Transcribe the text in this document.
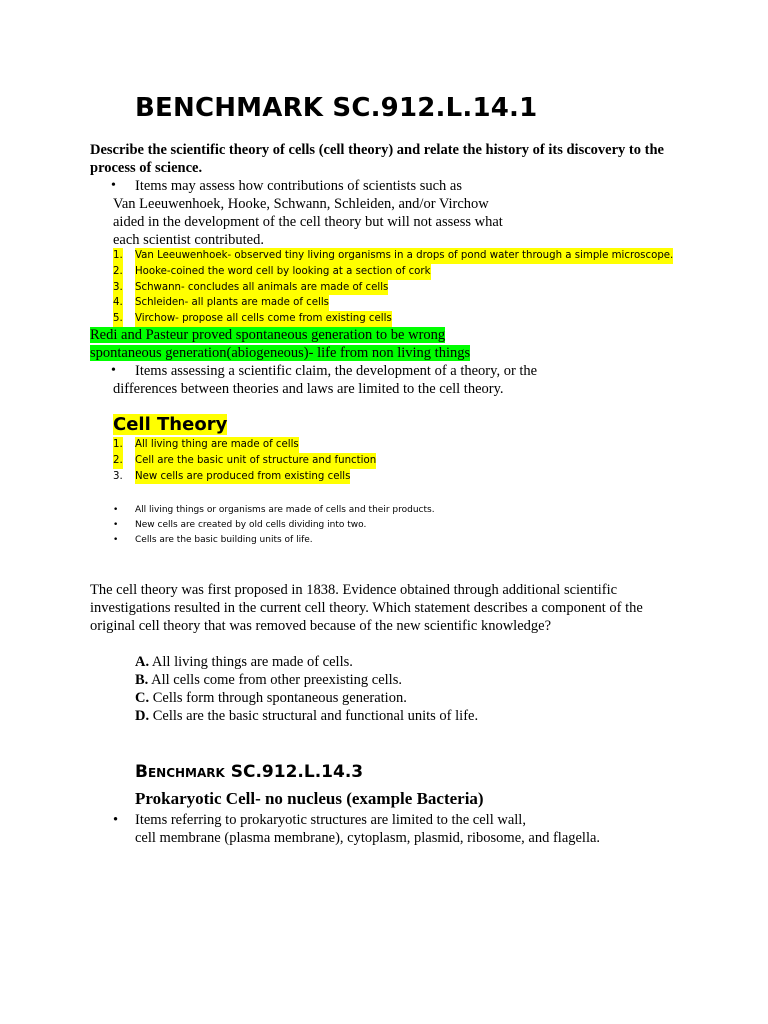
BENCHMARK SC.912.L.14.1
Describe the scientific theory of cells (cell theory) and relate the history of its discovery to the process of science.
•	Items may assess how contributions of scientists such as
Van Leeuwenhoek, Hooke, Schwann, Schleiden, and/or Virchow
aided in the development of the cell theory but will not assess what
each scientist contributed.
1. Van Leeuwenhoek- observed tiny living organisms in a drops of pond water through a simple microscope.
2. Hooke-coined the word cell by looking at a section of cork
3. Schwann- concludes all animals are made of cells
4. Schleiden- all plants are made of cells
5. Virchow- propose all cells come from existing cells
Redi and Pasteur proved spontaneous generation to be wrong
spontaneous generation(abiogeneous)- life from non living things
•	Items assessing a scientific claim, the development of a theory, or the
differences between theories and laws are limited to the cell theory.
Cell Theory
1. All living thing are made of cells
2. Cell are the basic unit of structure and function
3. New cells are produced from existing cells
• All living things or organisms are made of cells and their products.
• New cells are created by old cells dividing into two.
• Cells are the basic building units of life.
The cell theory was first proposed in 1838. Evidence obtained through additional scientific investigations resulted in the current cell theory. Which statement describes a component of the original cell theory that was removed because of the new scientific knowledge?
A. All living things are made of cells.
B. All cells come from other preexisting cells.
C. Cells form through spontaneous generation.
D. Cells are the basic structural and functional units of life.
Benchmark SC.912.L.14.3
Prokaryotic Cell- no nucleus (example Bacteria)
• Items referring to prokaryotic structures are limited to the cell wall,
cell membrane (plasma membrane), cytoplasm, plasmid, ribosome, and flagella.
